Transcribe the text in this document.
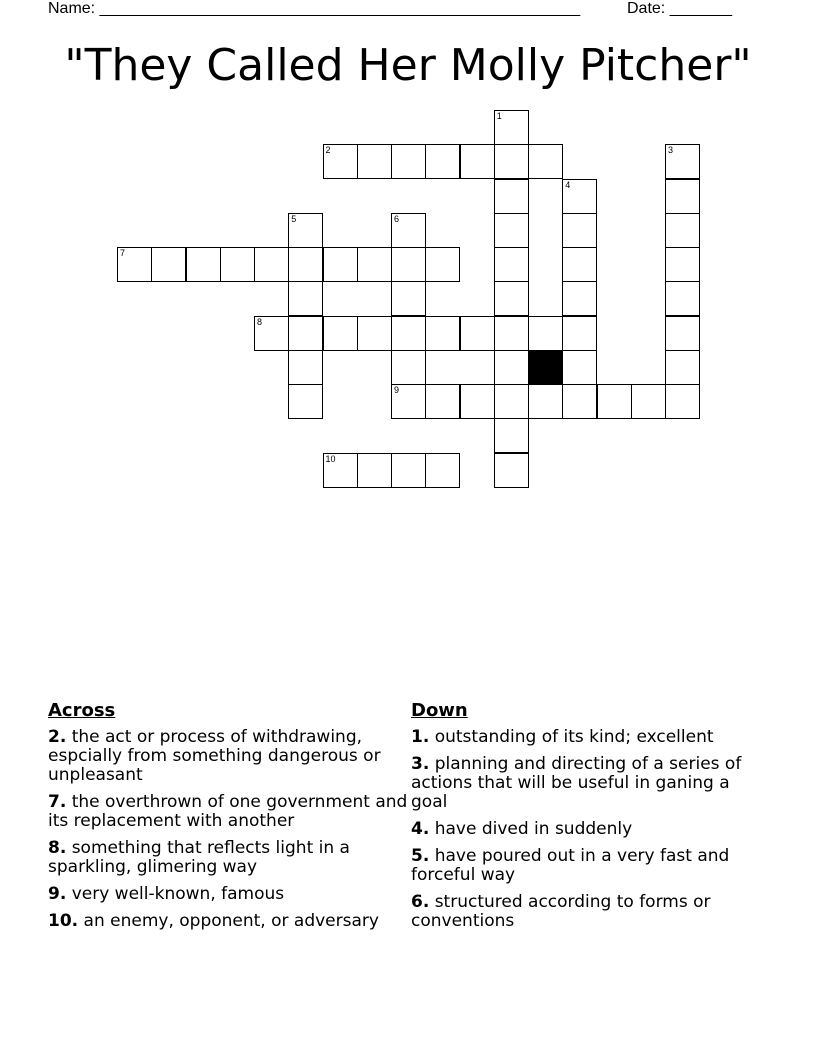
Name: ______________________________________________________	Date: _______
"They Called Her Molly Pitcher"
1
2	3
4
5	6
9
7
8
10
Across
2. the act or process of withdrawing, espcially from something dangerous or unpleasant
7. the overthrown of one government and its replacement with another
8. something that reflects light in a sparkling, glimering way
9. very well-known, famous
10. an enemy, opponent, or adversary
Down
1. outstanding of its kind; excellent
3. planning and directing of a series of actions that will be useful in ganing a goal
4. have dived in suddenly
5. have poured out in a very fast and forceful way
6. structured according to forms or conventions
